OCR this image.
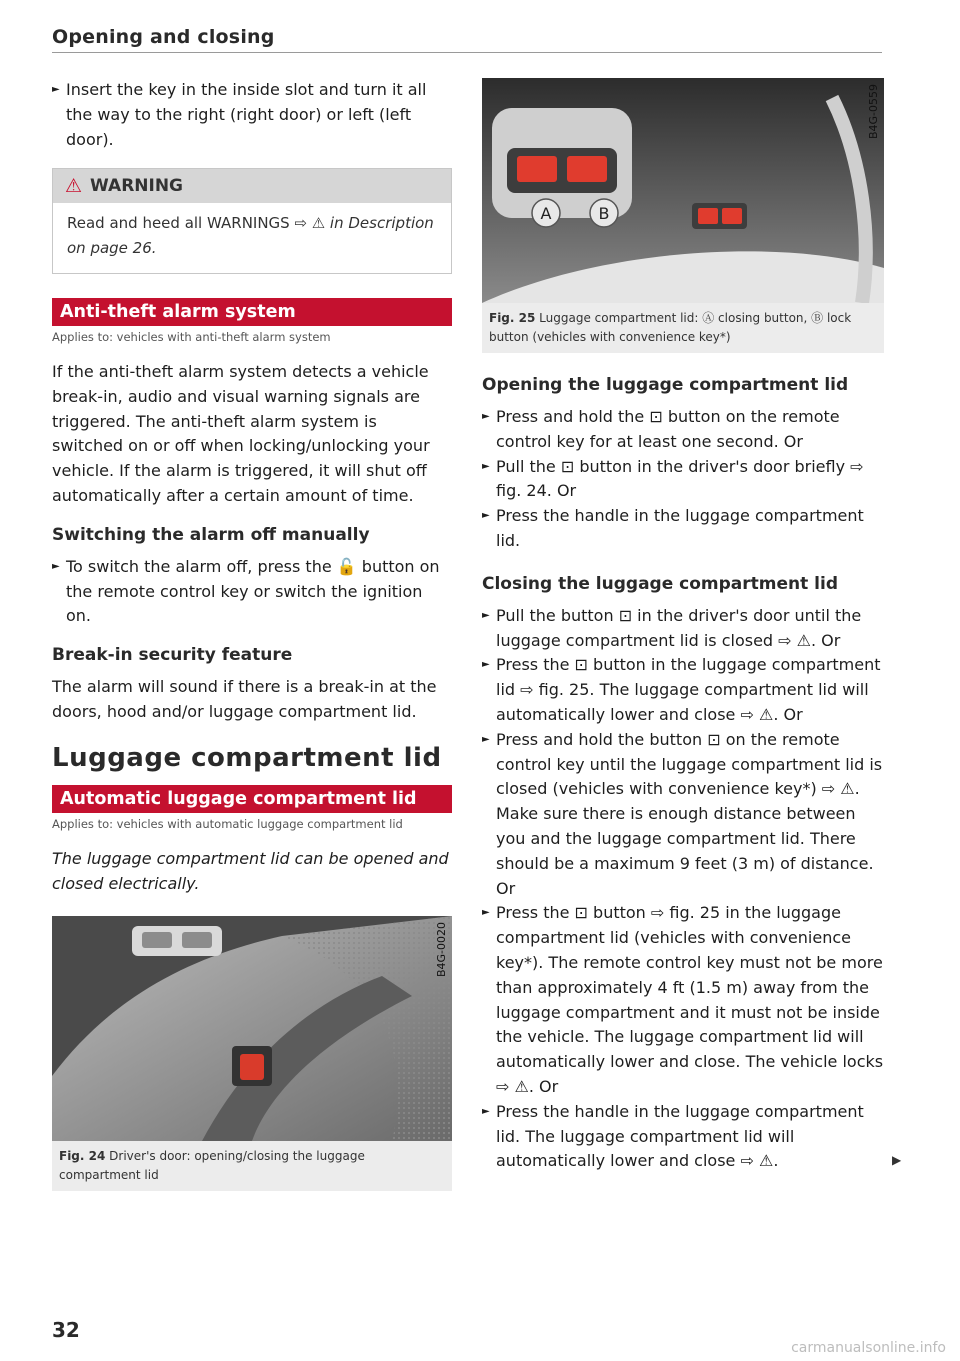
Opening and closing

► Insert the key in the inside slot and turn it all the way to the right (right door) or left (left door).

⚠ WARNING
Read and heed all WARNINGS ⇨ ⚠ in Description on page 26.
Anti-theft alarm system
Applies to: vehicles with anti-theft alarm system

If the anti-theft alarm system detects a vehicle break-in, audio and visual warning signals are triggered. The anti-theft alarm system is switched on or off when locking/unlocking your vehicle. If the alarm is triggered, it will shut off automatically after a certain amount of time.

Switching the alarm off manually

► To switch the alarm off, press the 🔓 button on the remote control key or switch the ignition on.

Break-in security feature

The alarm will sound if there is a break-in at the doors, hood and/or luggage compartment lid.

Luggage compartment lid
Automatic luggage compartment lid
Applies to: vehicles with automatic luggage compartment lid

The luggage compartment lid can be opened and closed electrically.

B4G-0020
Fig. 24 Driver's door: opening/closing the luggage compartment lid
A	B
B4G-0559
Fig. 25 Luggage compartment lid: Ⓐ closing button, Ⓑ lock button (vehicles with convenience key*)
Opening the luggage compartment lid

► Press and hold the ⊡ button on the remote control key for at least one second. Or

► Pull the ⊡ button in the driver's door briefly ⇨ fig. 24. Or

► Press the handle in the luggage compartment lid.

Closing the luggage compartment lid

► Pull the button ⊡ in the driver's door until the luggage compartment lid is closed ⇨ ⚠. Or

► Press the ⊡ button in the luggage compartment lid ⇨ fig. 25. The luggage compartment lid will automatically lower and close ⇨ ⚠. Or

► Press and hold the button ⊡ on the remote control key until the luggage compartment lid is closed (vehicles with convenience key*) ⇨ ⚠. Make sure there is enough distance between you and the luggage compartment lid. There should be a maximum 9 feet (3 m) of distance. Or

► Press the ⊡ button ⇨ fig. 25 in the luggage compartment lid (vehicles with convenience key*). The remote control key must not be more than approximately 4 ft (1.5 m) away from the luggage compartment and it must not be inside the vehicle. The luggage compartment lid will automatically lower and close. The vehicle locks ⇨ ⚠. Or

► Press the handle in the luggage compartment lid. The luggage compartment lid will automatically lower and close ⇨ ⚠.	▶
32
carmanualsonline.info
